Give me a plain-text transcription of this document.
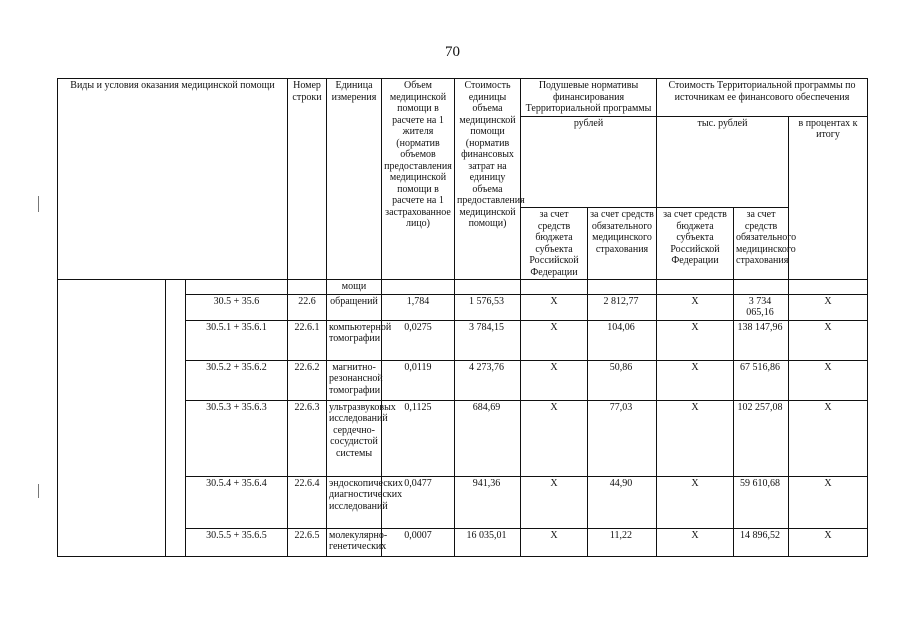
70
Виды и условия оказания медицинской помощи			Номер строки	Единица измерения	Объем медицинской помощи в расчете на 1 жителя (норматив объемов предоставления медицинской помощи в расчете на 1 застрахованное лицо)	Стоимость единицы объема медицинской помощи (норматив финансовых затрат на единицу объема предоставления медицинской помощи)	Подушевые нормативы финансирования Территориальной программы		Стоимость Территориальной программы по источникам ее финансового обеспечения		
							рублей		тыс. рублей		в процентах к итогу
							за счет средств бюджета субъекта Российской Федерации	за счет средств обязательного медицинского страхования	за счет средств бюджета субъекта Российской Федерации	за счет средств обязательного медицинского страхования	
				мощи							
		30.5 + 35.6	22.6	обращений	1,784	1 576,53	X	2 812,77	X	3 734 065,16	X
		30.5.1 + 35.6.1	22.6.1	компьютерной томографии	0,0275	3 784,15	X	104,06	X	138 147,96	X
		30.5.2 + 35.6.2	22.6.2	магнитно-резонансной томографии	0,0119	4 273,76	X	50,86	X	67 516,86	X
		30.5.3 + 35.6.3	22.6.3	ультразвуковых исследований сердечно-сосудистой системы	0,1125	684,69	X	77,03	X	102 257,08	X
		30.5.4 + 35.6.4	22.6.4	эндоскопических диагностических исследований	0,0477	941,36	X	44,90	X	59 610,68	X
		30.5.5 + 35.6.5	22.6.5	молекулярно-генетических	0,0007	16 035,01	X	11,22	X	14 896,52	X
